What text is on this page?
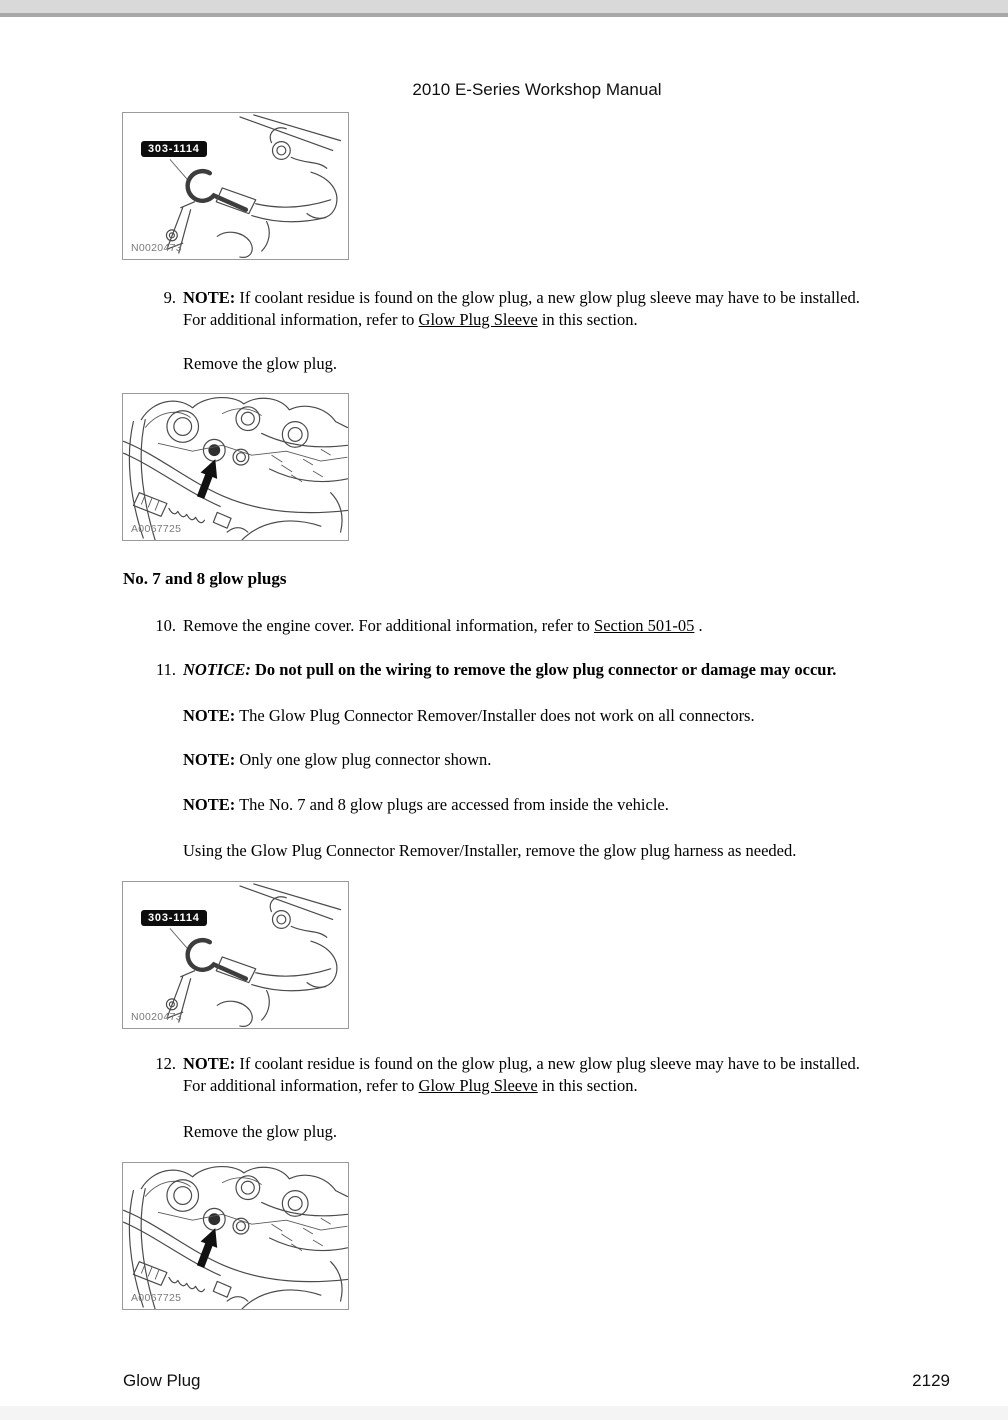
2010 E-Series Workshop Manual
303-1114
N0020473
9. NOTE: If coolant residue is found on the glow plug, a new glow plug sleeve may have to be installed. For additional information, refer to Glow Plug Sleeve in this section.
Remove the glow plug.
A0067725
No. 7 and 8 glow plugs
10. Remove the engine cover. For additional information, refer to Section 501-05 .
11. NOTICE: Do not pull on the wiring to remove the glow plug connector or damage may occur.
NOTE: The Glow Plug Connector Remover/Installer does not work on all connectors.
NOTE: Only one glow plug connector shown.
NOTE: The No. 7 and 8 glow plugs are accessed from inside the vehicle.
Using the Glow Plug Connector Remover/Installer, remove the glow plug harness as needed.
303-1114
N0020473
12. NOTE: If coolant residue is found on the glow plug, a new glow plug sleeve may have to be installed. For additional information, refer to Glow Plug Sleeve in this section.
Remove the glow plug.
A0067725
Glow Plug	2129
